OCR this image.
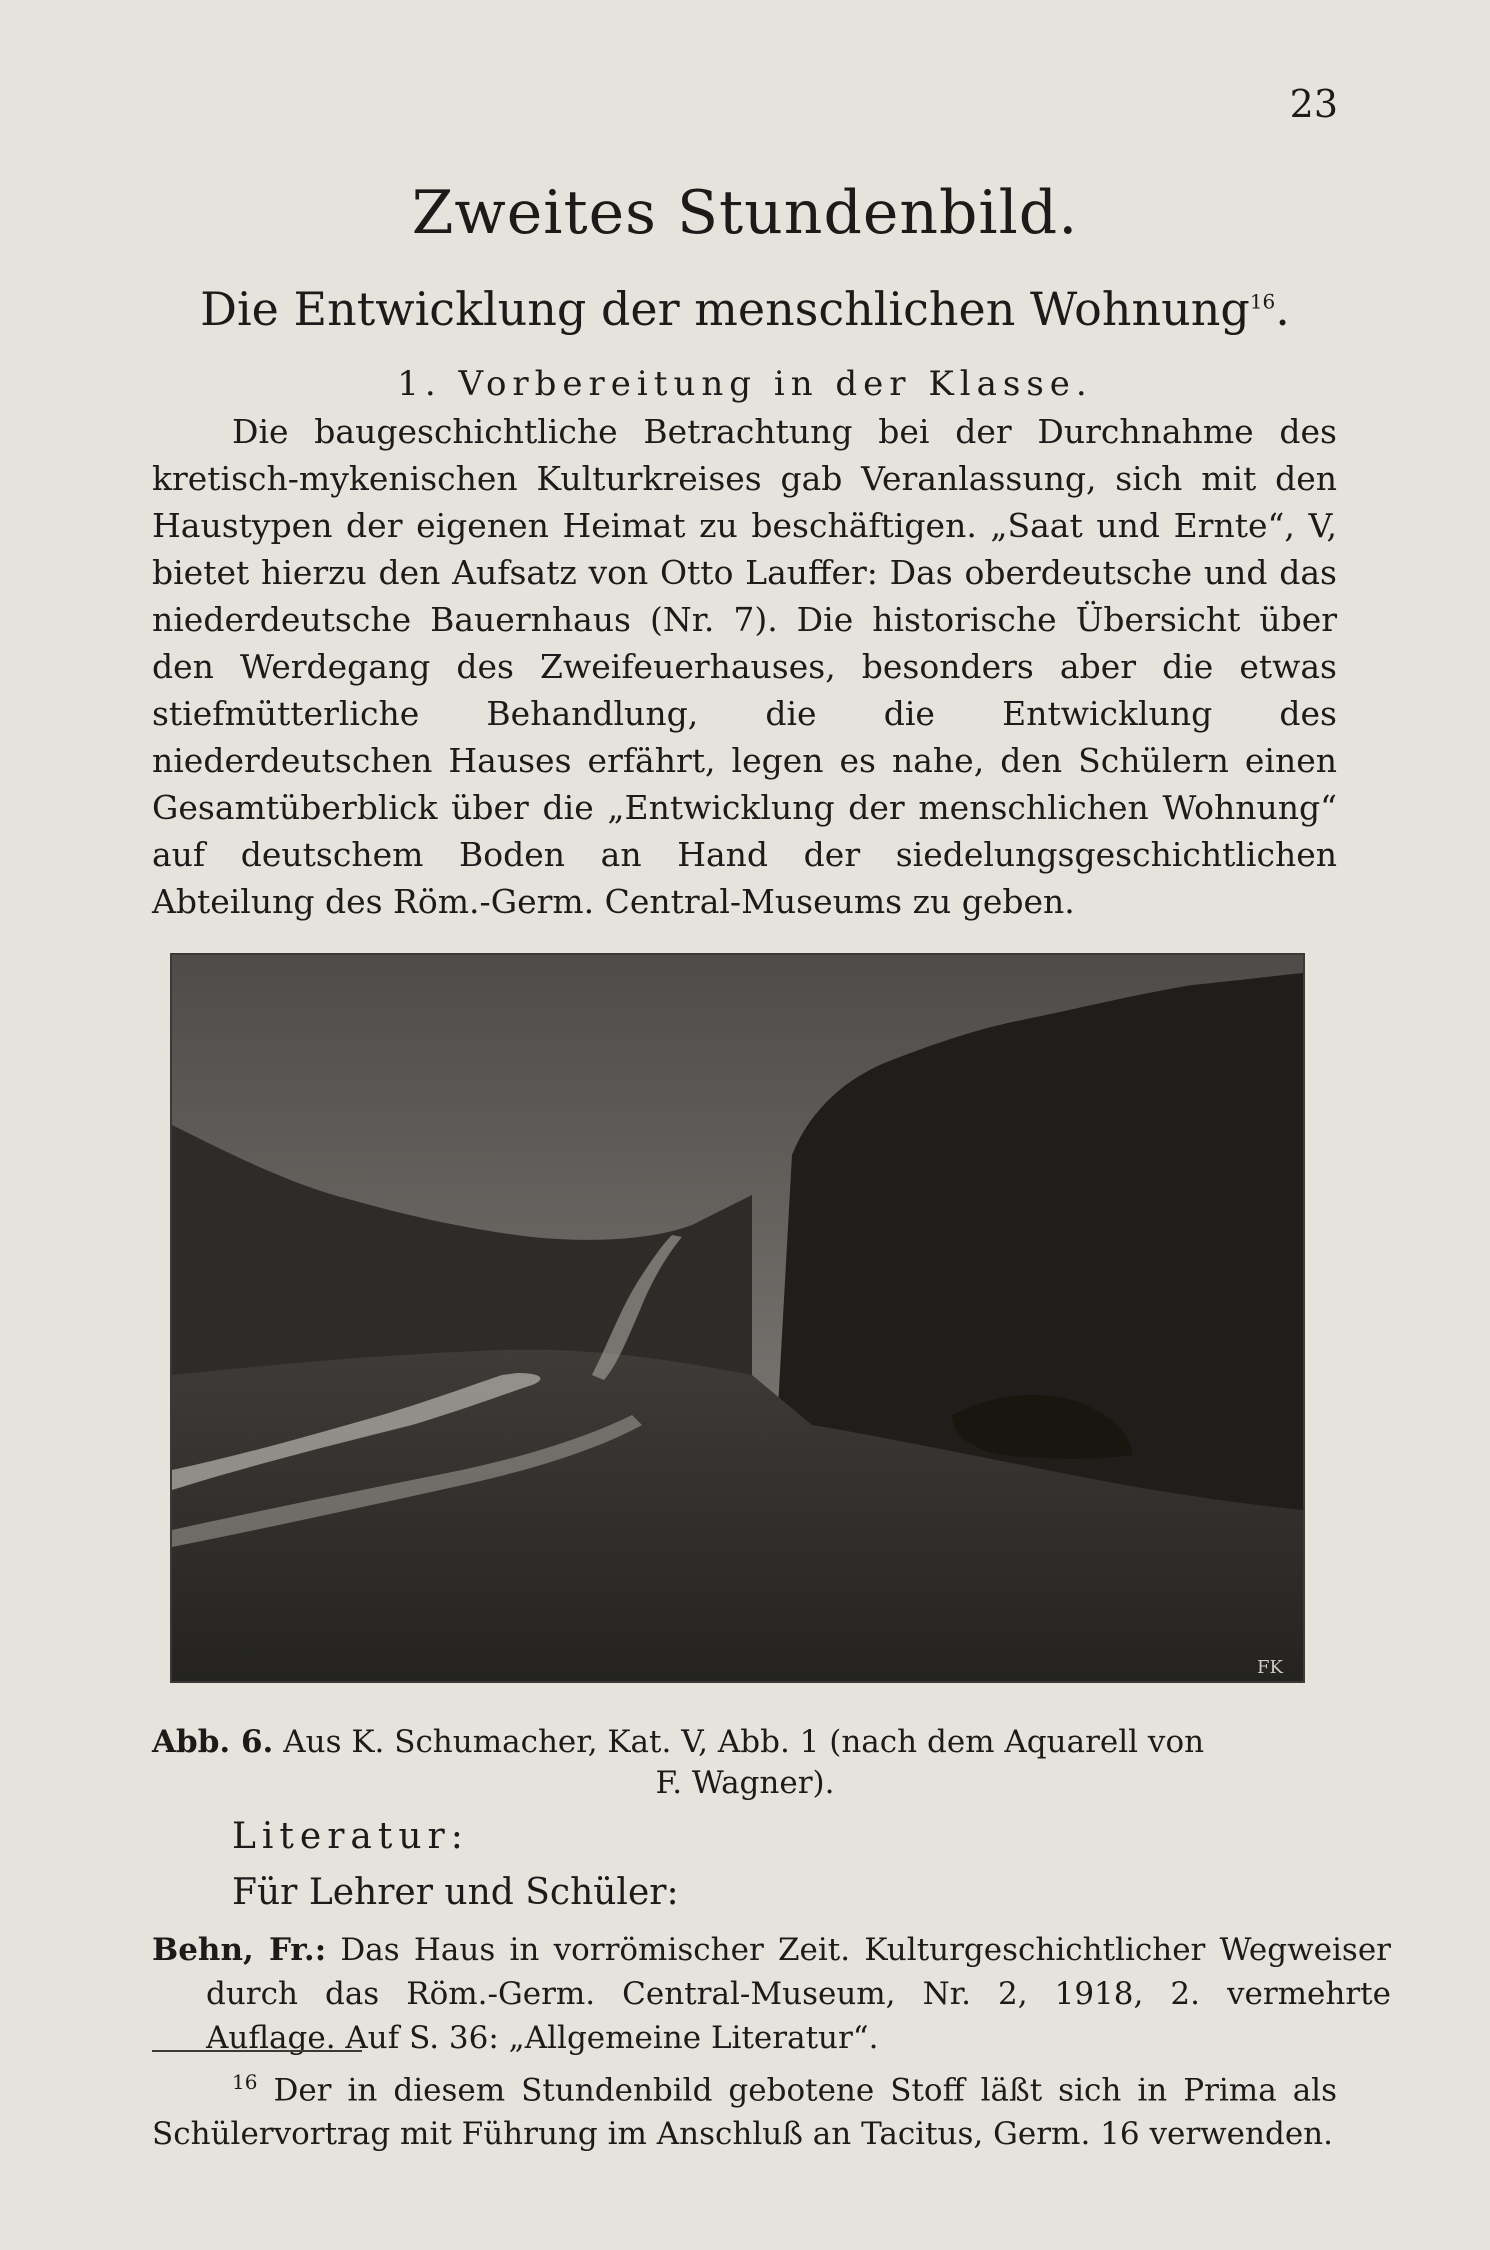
23
Zweites Stundenbild.
Die Entwicklung der menschlichen Wohnung$^{16}$.
1. Vorbereitung in der Klasse.

Die baugeschichtliche Betrachtung bei der Durchnahme des kretisch-mykenischen Kulturkreises gab Veranlassung, sich mit den Haustypen der eigenen Heimat zu beschäftigen. „Saat und Ernte“, V, bietet hierzu den Aufsatz von Otto Lauffer: Das oberdeutsche und das niederdeutsche Bauernhaus (Nr. 7). Die historische Übersicht über den Werdegang des Zweifeuerhauses, besonders aber die etwas stiefmütterliche Behandlung, die die Entwicklung des niederdeutschen Hauses erfährt, legen es nahe, den Schülern einen Gesamtüberblick über die „Entwicklung der menschlichen Wohnung“ auf deutschem Boden an Hand der siedelungsgeschichtlichen Abteilung des Röm.-Germ. Central-Museums zu geben.

FK

Abb. 6. Aus K. Schumacher, Kat. V, Abb. 1 (nach dem Aquarell von

F. Wagner).
Literatur:
Für Lehrer und Schüler:

Behn, Fr.: Das Haus in vorrömischer Zeit. Kulturgeschichtlicher Wegweiser durch das Röm.-Germ. Central-Museum, Nr. 2, 1918, 2. vermehrte Auflage. Auf S. 36: „Allgemeine Literatur“.

$^{16}$ Der in diesem Stundenbild gebotene Stoff läßt sich in Prima als Schülervortrag mit Führung im Anschluß an Tacitus, Germ. 16 verwenden.
